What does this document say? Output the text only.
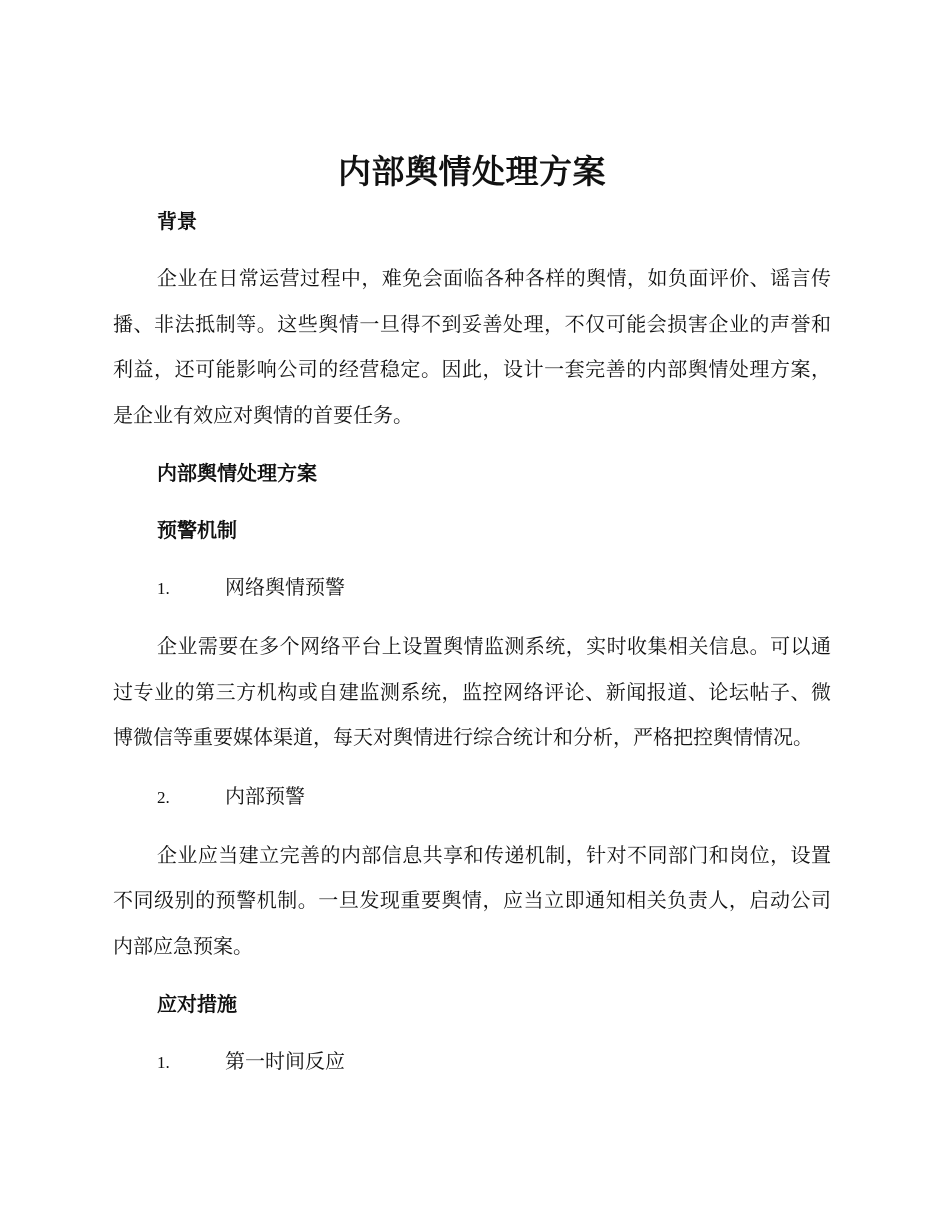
内部舆情处理方案
背景

企业在日常运营过程中，难免会面临各种各样的舆情，如负面评价、谣言传播、非法抵制等。这些舆情一旦得不到妥善处理，不仅可能会损害企业的声誉和利益，还可能影响公司的经营稳定。因此，设计一套完善的内部舆情处理方案，是企业有效应对舆情的首要任务。

内部舆情处理方案
预警机制
1.	网络舆情预警

企业需要在多个网络平台上设置舆情监测系统，实时收集相关信息。可以通过专业的第三方机构或自建监测系统，监控网络评论、新闻报道、论坛帖子、微博微信等重要媒体渠道，每天对舆情进行综合统计和分析，严格把控舆情情况。

2.	内部预警

企业应当建立完善的内部信息共享和传递机制，针对不同部门和岗位，设置不同级别的预警机制。一旦发现重要舆情，应当立即通知相关负责人，启动公司内部应急预案。

应对措施
1.	第一时间反应
